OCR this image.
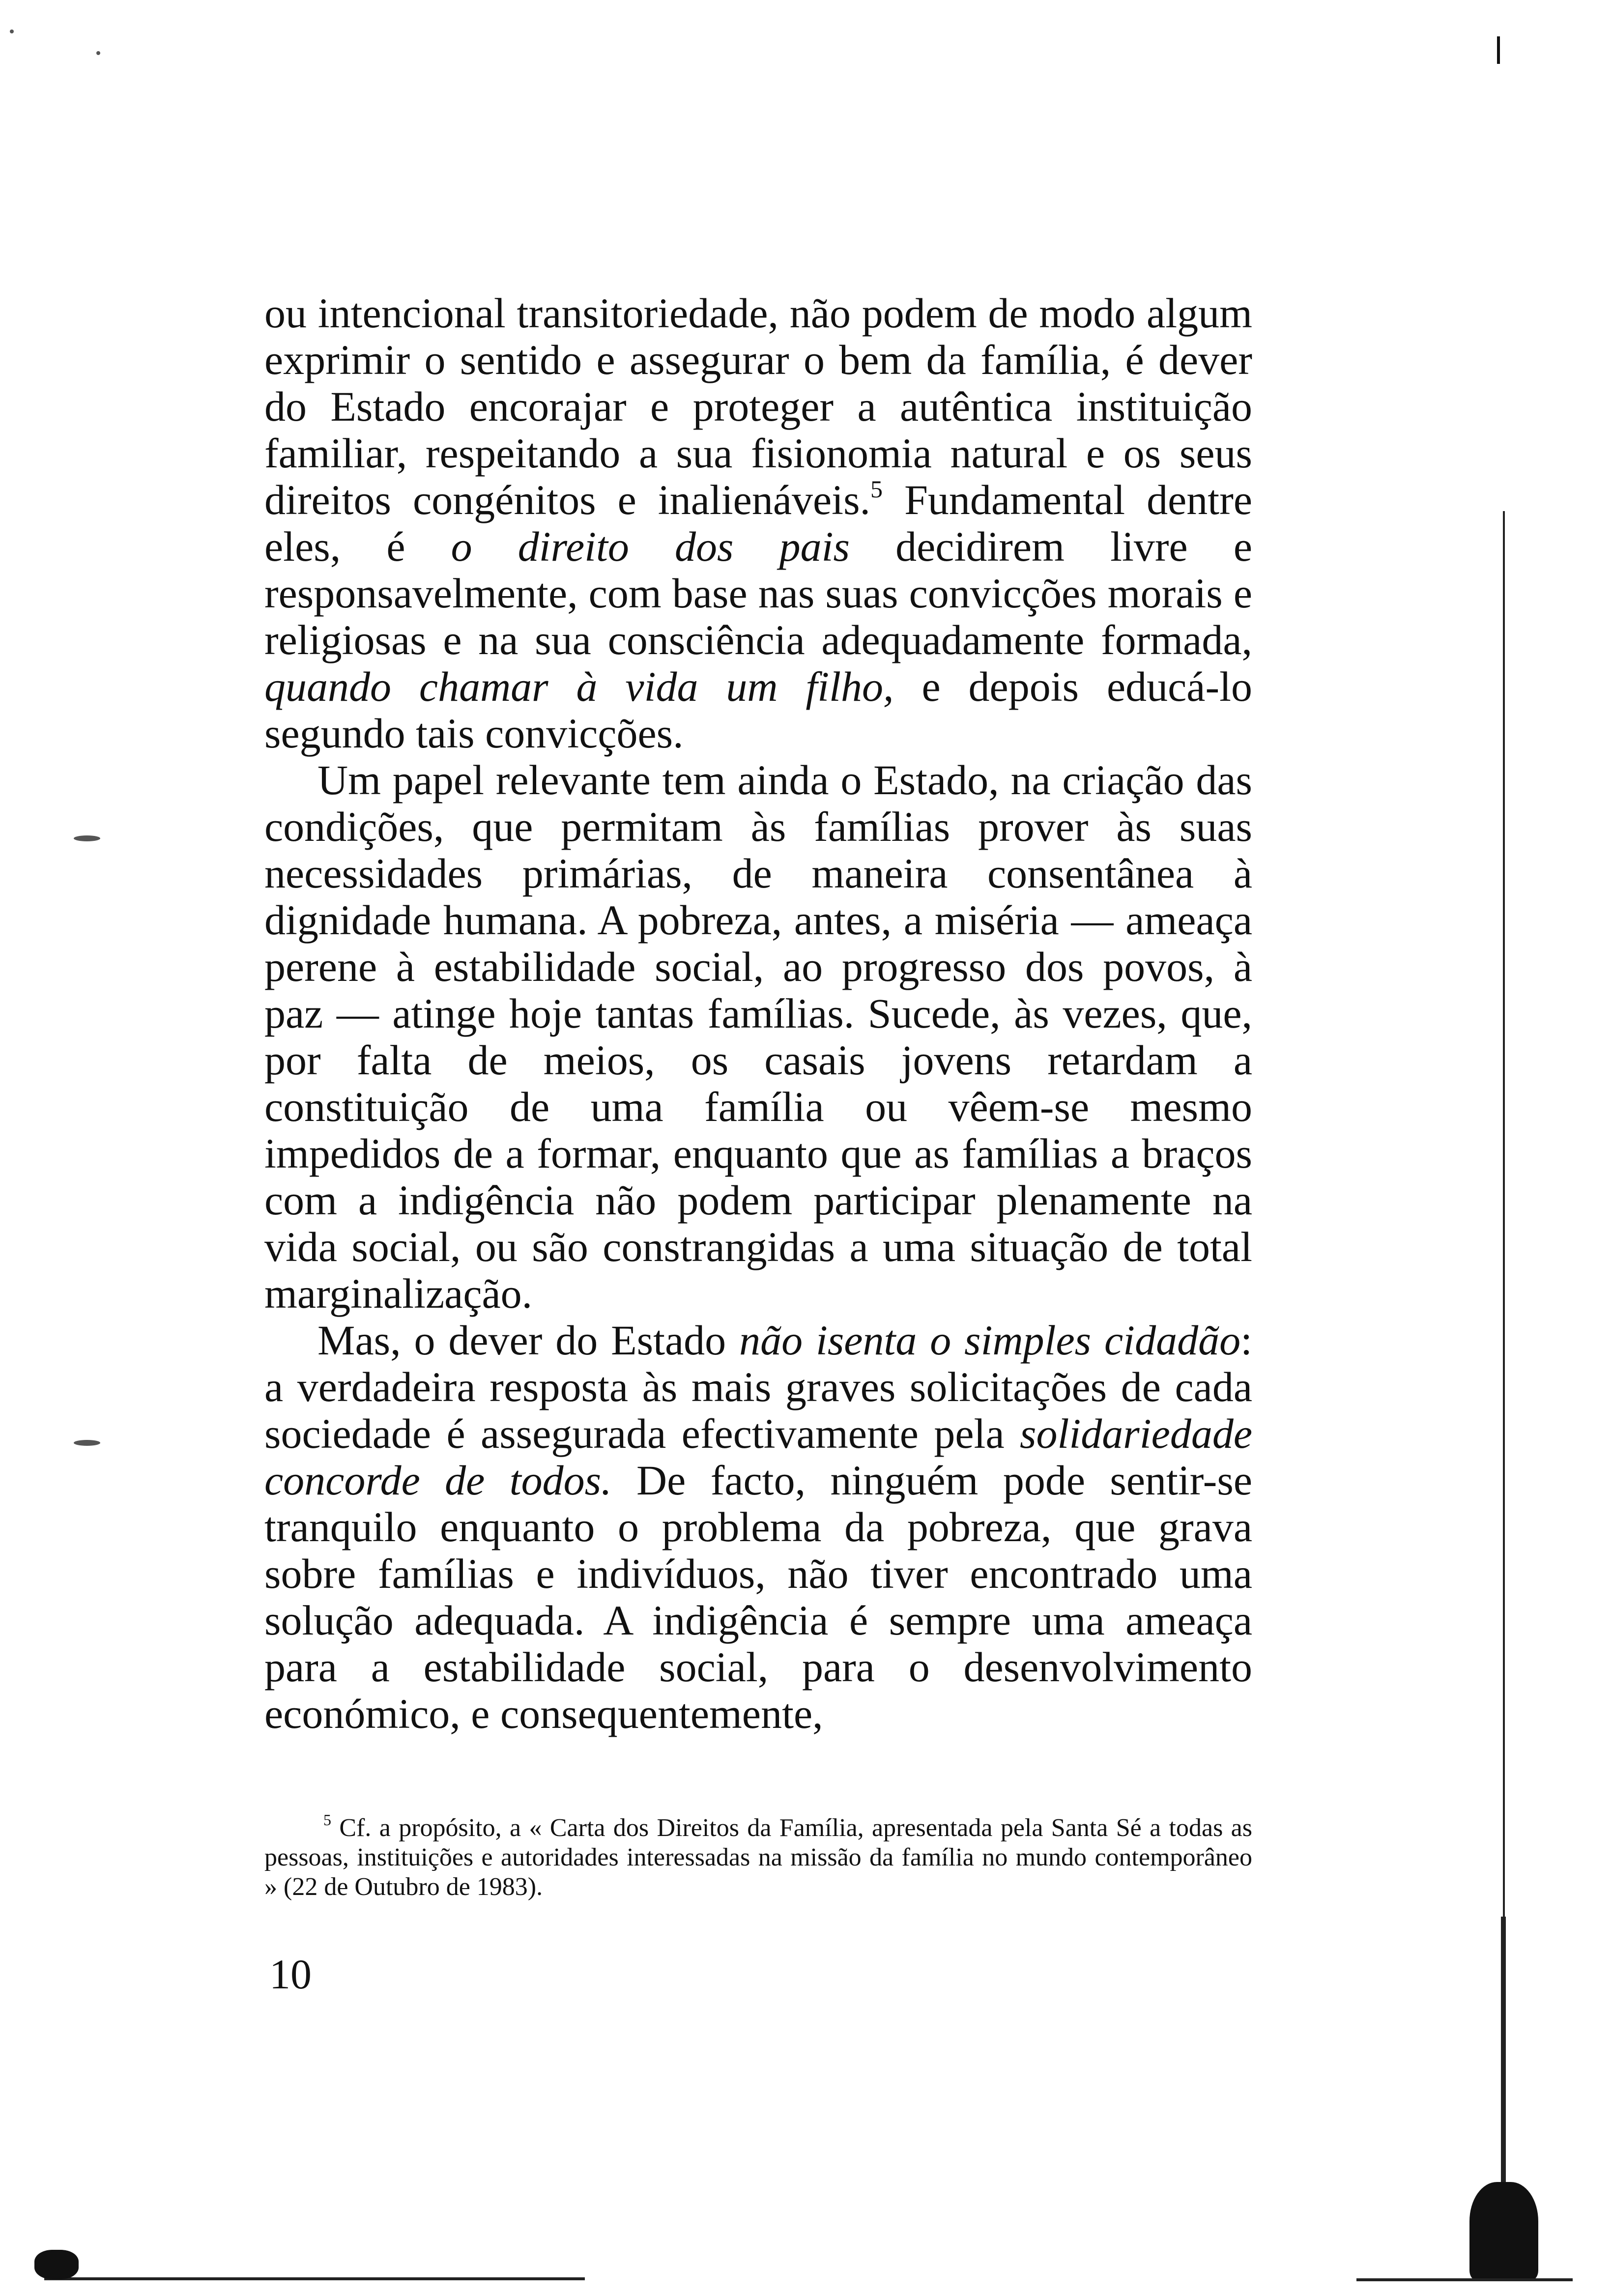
ou intencional transitoriedade, não podem de modo algum exprimir o sentido e assegurar o bem da família, é dever do Estado encorajar e proteger a autêntica instituição familiar, respeitando a sua fisionomia natural e os seus direitos congénitos e inalienáveis.$^5$ Fundamental dentre eles, é o direito dos pais decidirem livre e responsavelmente, com base nas suas convicções morais e religiosas e na sua consciência adequadamente formada, quando chamar à vida um filho, e depois educá-lo segundo tais convicções.

Um papel relevante tem ainda o Estado, na criação das condições, que permitam às famílias prover às suas necessidades primárias, de maneira consentânea à dignidade humana. A pobreza, antes, a miséria — ameaça perene à estabilidade social, ao progresso dos povos, à paz — atinge hoje tantas famílias. Sucede, às vezes, que, por falta de meios, os casais jovens retardam a constituição de uma família ou vêem-se mesmo impedidos de a formar, enquanto que as famílias a braços com a indigência não podem participar plenamente na vida social, ou são constrangidas a uma situação de total marginalização.

Mas, o dever do Estado não isenta o simples cidadão: a verdadeira resposta às mais graves solicitações de cada sociedade é assegurada efectivamente pela solidariedade concorde de todos. De facto, ninguém pode sentir-se tranquilo enquanto o problema da pobreza, que grava sobre famílias e indivíduos, não tiver encontrado uma solução adequada. A indigência é sempre uma ameaça para a estabilidade social, para o desenvolvimento económico, e consequentemente,

$^5$ Cf. a propósito, a « Carta dos Direitos da Família, apresentada pela Santa Sé a todas as pessoas, instituições e autoridades interessadas na missão da família no mundo contemporâneo » (22 de Outubro de 1983).

10
